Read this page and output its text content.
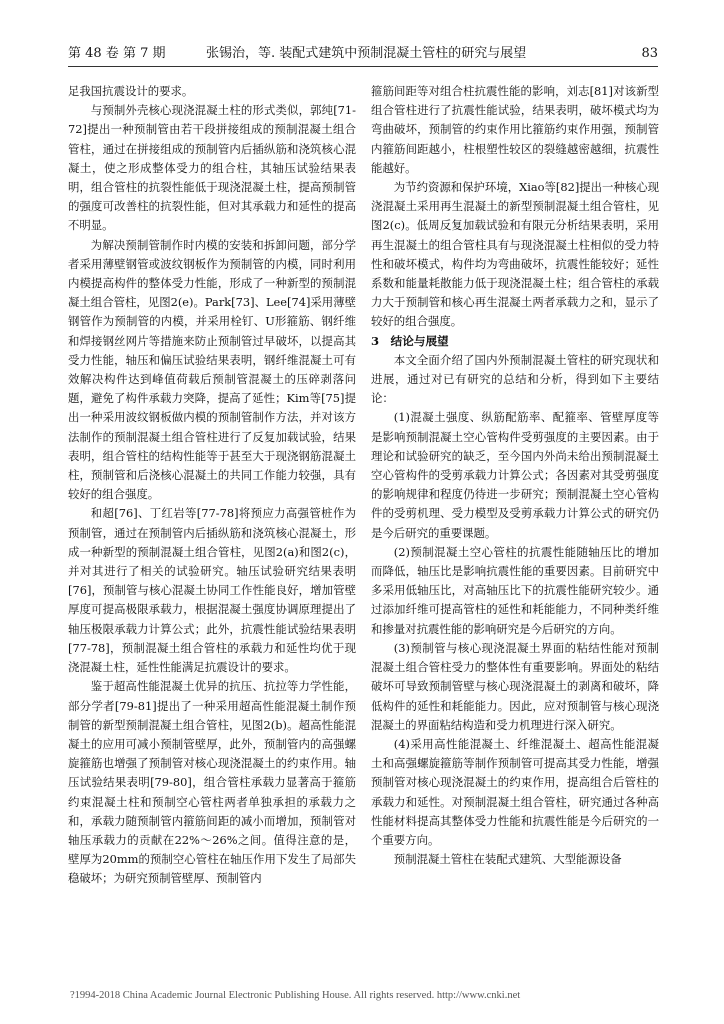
第 48 卷 第 7 期	张锡治，等. 装配式建筑中预制混凝土管柱的研究与展望	83

足我国抗震设计的要求。

与预制外壳核心现浇混凝土柱的形式类似，郭纯[71-72]提出一种预制管由若干段拼接组成的预制混凝土组合管柱，通过在拼接组成的预制管内后插纵筋和浇筑核心混凝土，使之形成整体受力的组合柱，其轴压试验结果表明，组合管柱的抗裂性能低于现浇混凝土柱，提高预制管的强度可改善柱的抗裂性能，但对其承载力和延性的提高不明显。

为解决预制管制作时内模的安装和拆卸问题，部分学者采用薄壁钢管或波纹钢板作为预制管的内模，同时利用内模提高构件的整体受力性能，形成了一种新型的预制混凝土组合管柱，见图2(e)。Park[73]、Lee[74]采用薄壁钢管作为预制管的内模，并采用栓钉、U形箍筋、钢纤维和焊接钢丝网片等措施来防止预制管过早破坏，以提高其受力性能，轴压和偏压试验结果表明，钢纤维混凝土可有效解决构件达到峰值荷载后预制管混凝土的压碎剥落问题，避免了构件承载力突降，提高了延性；Kim等[75]提出一种采用波纹钢板做内模的预制管制作方法，并对该方法制作的预制混凝土组合管柱进行了反复加载试验，结果表明，组合管柱的结构性能等于甚至大于现浇钢筋混凝土柱，预制管和后浇核心混凝土的共同工作能力较强，具有较好的组合强度。

和超[76]、丁红岩等[77-78]将预应力高强管桩作为预制管，通过在预制管内后插纵筋和浇筑核心混凝土，形成一种新型的预制混凝土组合管柱，见图2(a)和图2(c)，并对其进行了相关的试验研究。轴压试验研究结果表明[76]，预制管与核心混凝土协同工作性能良好，增加管壁厚度可提高极限承载力，根据混凝土强度协调原理提出了轴压极限承载力计算公式；此外，抗震性能试验结果表明[77-78]，预制混凝土组合管柱的承载力和延性均优于现浇混凝土柱，延性性能满足抗震设计的要求。

鉴于超高性能混凝土优异的抗压、抗拉等力学性能，部分学者[79-81]提出了一种采用超高性能混凝土制作预制管的新型预制混凝土组合管柱，见图2(b)。超高性能混凝土的应用可减小预制管壁厚，此外，预制管内的高强螺旋箍筋也增强了预制管对核心现浇混凝土的约束作用。轴压试验结果表明[79-80]，组合管柱承载力显著高于箍筋约束混凝土柱和预制空心管柱两者单独承担的承载力之和，承载力随预制管内箍筋间距的减小而增加，预制管对轴压承载力的贡献在22%～26%之间。值得注意的是，壁厚为20mm的预制空心管柱在轴压作用下发生了局部失稳破坏；为研究预制管壁厚、预制管内

箍筋间距等对组合柱抗震性能的影响，刘志[81]对该新型组合管柱进行了抗震性能试验，结果表明，破坏模式均为弯曲破坏，预制管的约束作用比箍筋约束作用强，预制管内箍筋间距越小，柱根塑性较区的裂缝越密越细，抗震性能越好。

为节约资源和保护环境，Xiao等[82]提出一种核心现浇混凝土采用再生混凝土的新型预制混凝土组合管柱，见图2(c)。低周反复加载试验和有限元分析结果表明，采用再生混凝土的组合管柱具有与现浇混凝土柱相似的受力特性和破坏模式，构件均为弯曲破坏，抗震性能较好；延性系数和能量耗散能力低于现浇混凝土柱；组合管柱的承载力大于预制管和核心再生混凝土两者承载力之和，显示了较好的组合强度。

3　结论与展望

本文全面介绍了国内外预制混凝土管柱的研究现状和进展，通过对已有研究的总结和分析，得到如下主要结论：

(1)混凝土强度、纵筋配筋率、配箍率、管壁厚度等是影响预制混凝土空心管构件受剪强度的主要因素。由于理论和试验研究的缺乏，至今国内外尚未给出预制混凝土空心管构件的受剪承载力计算公式；各因素对其受剪强度的影响规律和程度仍待进一步研究；预制混凝土空心管构件的受剪机理、受力模型及受剪承载力计算公式的研究仍是今后研究的重要课题。

(2)预制混凝土空心管柱的抗震性能随轴压比的增加而降低，轴压比是影响抗震性能的重要因素。目前研究中多采用低轴压比，对高轴压比下的抗震性能研究较少。通过添加纤维可提高管柱的延性和耗能能力，不同种类纤维和掺量对抗震性能的影响研究是今后研究的方向。

(3)预制管与核心现浇混凝土界面的粘结性能对预制混凝土组合管柱受力的整体性有重要影响。界面处的粘结破坏可导致预制管壁与核心现浇混凝土的剥离和破坏，降低构件的延性和耗能能力。因此，应对预制管与核心现浇混凝土的界面粘结构造和受力机理进行深入研究。

(4)采用高性能混凝土、纤维混凝土、超高性能混凝土和高强螺旋箍筋等制作预制管可提高其受力性能，增强预制管对核心现浇混凝土的约束作用，提高组合后管柱的承载力和延性。对预制混凝土组合管柱，研究通过各种高性能材料提高其整体受力性能和抗震性能是今后研究的一个重要方向。

预制混凝土管柱在装配式建筑、大型能源设备

?1994-2018 China Academic Journal Electronic Publishing House. All rights reserved. http://www.cnki.net
